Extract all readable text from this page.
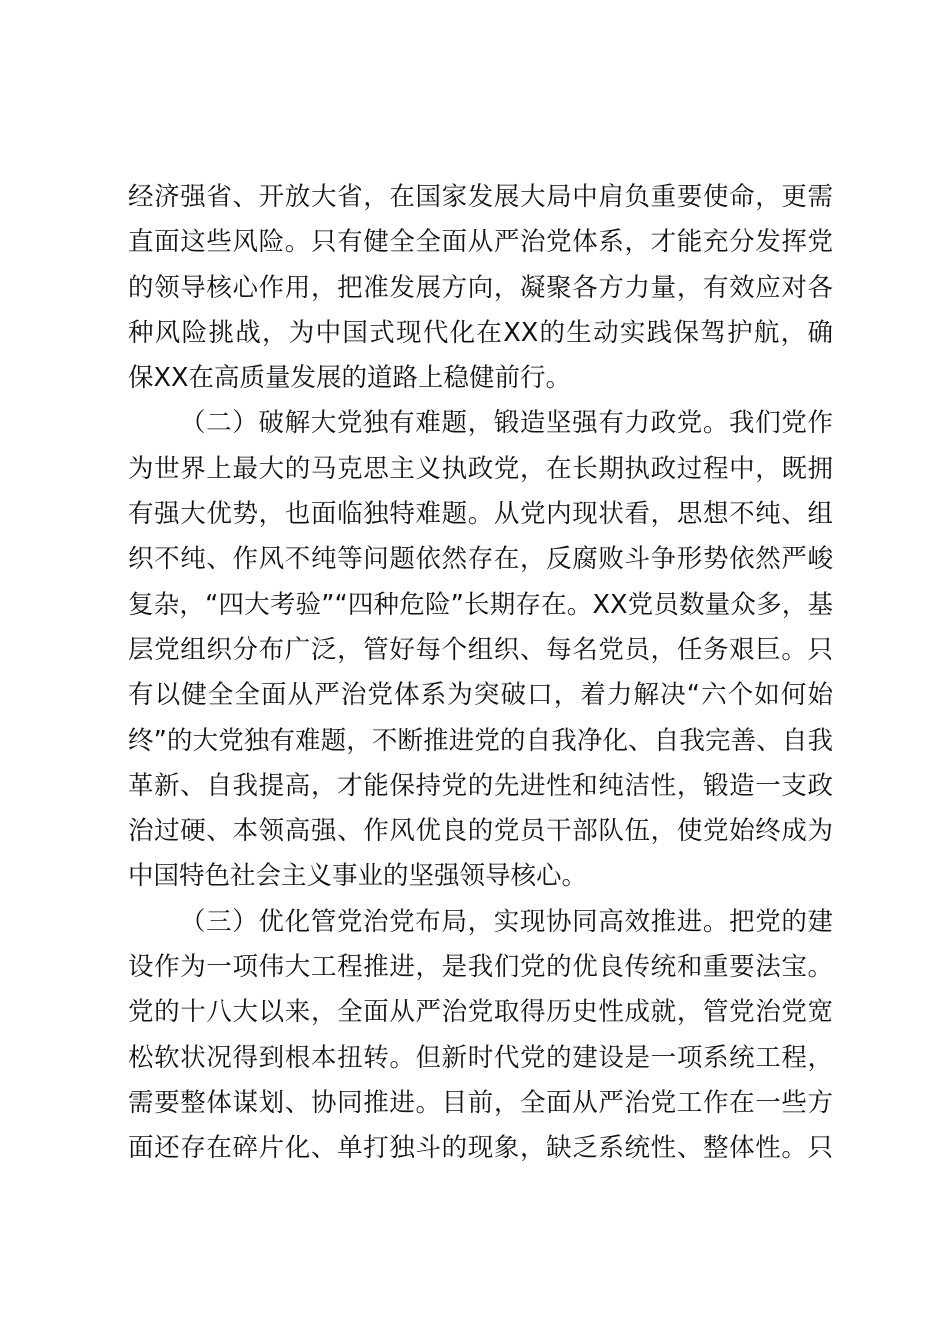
经济强省、开放大省，在国家发展大局中肩负重要使命，更需
直面这些风险。只有健全全面从严治党体系，才能充分发挥党
的领导核心作用，把准发展方向，凝聚各方力量，有效应对各
种风险挑战，为中国式现代化在XX的生动实践保驾护航，确
保XX在高质量发展的道路上稳健前行。
（二）破解大党独有难题，锻造坚强有力政党。我们党作
为世界上最大的马克思主义执政党，在长期执政过程中，既拥
有强大优势，也面临独特难题。从党内现状看，思想不纯、组
织不纯、作风不纯等问题依然存在，反腐败斗争形势依然严峻
复杂，“四大考验”“四种危险”长期存在。XX党员数量众多，基
层党组织分布广泛，管好每个组织、每名党员，任务艰巨。只
有以健全全面从严治党体系为突破口，着力解决“六个如何始
终”的大党独有难题，不断推进党的自我净化、自我完善、自我
革新、自我提高，才能保持党的先进性和纯洁性，锻造一支政
治过硬、本领高强、作风优良的党员干部队伍，使党始终成为
中国特色社会主义事业的坚强领导核心。
（三）优化管党治党布局，实现协同高效推进。把党的建
设作为一项伟大工程推进，是我们党的优良传统和重要法宝。
党的十八大以来，全面从严治党取得历史性成就，管党治党宽
松软状况得到根本扭转。但新时代党的建设是一项系统工程，
需要整体谋划、协同推进。目前，全面从严治党工作在一些方
面还存在碎片化、单打独斗的现象，缺乏系统性、整体性。只
